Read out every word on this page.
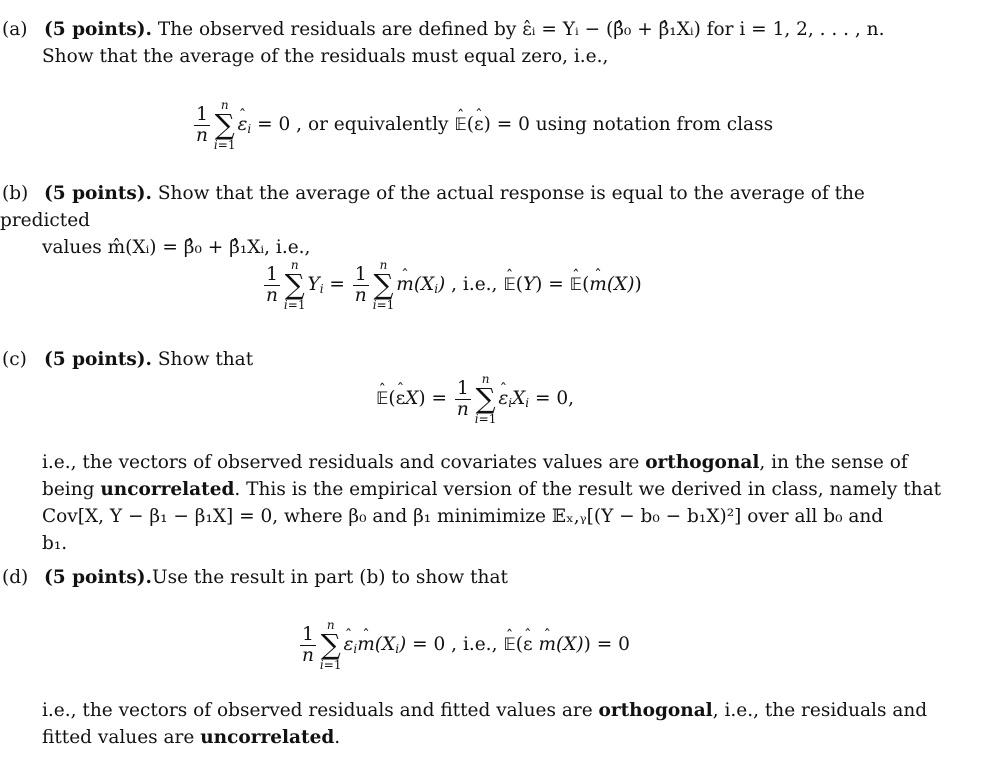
(a) (5 points). The observed residuals are defined by ε̂ᵢ = Yᵢ − (β̂₀ + β̂₁Xᵢ) for i = 1, 2, . . . , n.
Show that the average of the residuals must equal zero, i.e.,
$\frac{1}{n}$ n
∑
i=1
ˆ $\varepsilon_i = 0$ , or equivalently ˆ 𝔼(ˆ ε) = 0 using notation from class
(b) (5 points). Show that the average of the actual response is equal to the average of the predicted
values m̂(Xᵢ) = β̂₀ + β̂₁Xᵢ, i.e.,
$\frac{1}{n}$ n
∑
i=1
$Y_i = \frac{1}{n}$ n
∑
i=1
ˆ $m(X_i)$ , i.e., ˆ 𝔼(Y) = ˆ 𝔼(ˆ m(X))
(c) (5 points). Show that
ˆ 𝔼(ˆ $\varepsilon X) = \frac{1}{n}$ n
∑
i=1
ˆ $\varepsilon_iX_i = 0$,
i.e., the vectors of observed residuals and covariates values are orthogonal, in the sense of
being uncorrelated. This is the empirical version of the result we derived in class, namely that
Cov[X, Y − β₁ − β₁X] = 0, where β₀ and β₁ minimimize 𝔼ₓ,ᵧ[(Y − b₀ − b₁X)²] over all b₀ and
b₁.
(d) (5 points).Use the result in part (b) to show that
$\frac{1}{n}$ n
∑
i=1
ˆ $\varepsilon_iˆ$ $m(X_i) = 0$ , i.e., ˆ 𝔼(ˆ ε ˆ m(X)) = 0
i.e., the vectors of observed residuals and fitted values are orthogonal, i.e., the residuals and
fitted values are uncorrelated.
